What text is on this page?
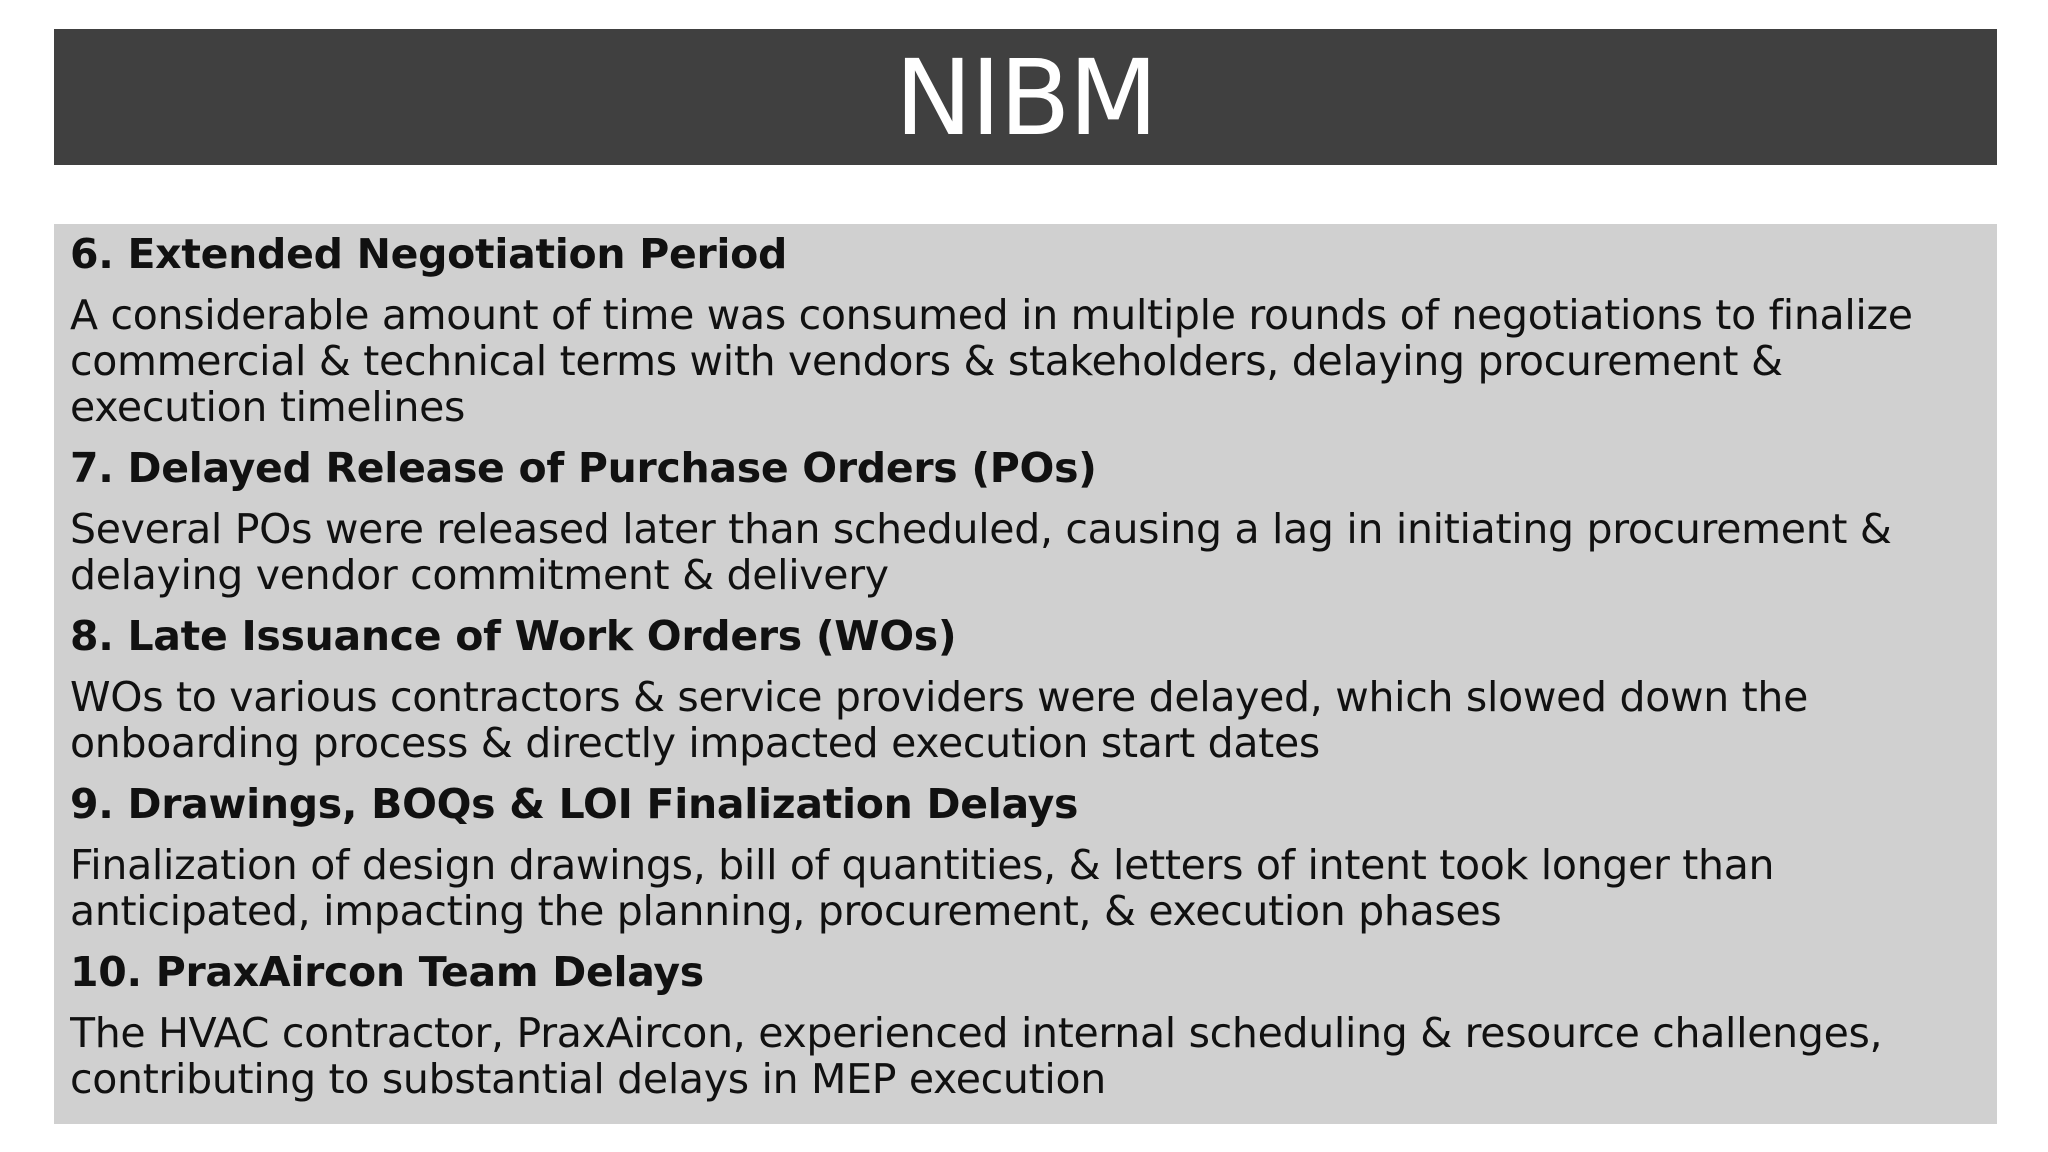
NIBM

6. Extended Negotiation Period

A considerable amount of time was consumed in multiple rounds of negotiations to finalize commercial & technical terms with vendors & stakeholders, delaying procurement & execution timelines

7. Delayed Release of Purchase Orders (POs)

Several POs were released later than scheduled, causing a lag in initiating procurement & delaying vendor commitment & delivery

8. Late Issuance of Work Orders (WOs)

WOs to various contractors & service providers were delayed, which slowed down the onboarding process & directly impacted execution start dates

9. Drawings, BOQs & LOI Finalization Delays

Finalization of design drawings, bill of quantities, & letters of intent took longer than anticipated, impacting the planning, procurement, & execution phases

10. PraxAircon Team Delays

The HVAC contractor, PraxAircon, experienced internal scheduling & resource challenges, contributing to substantial delays in MEP execution
